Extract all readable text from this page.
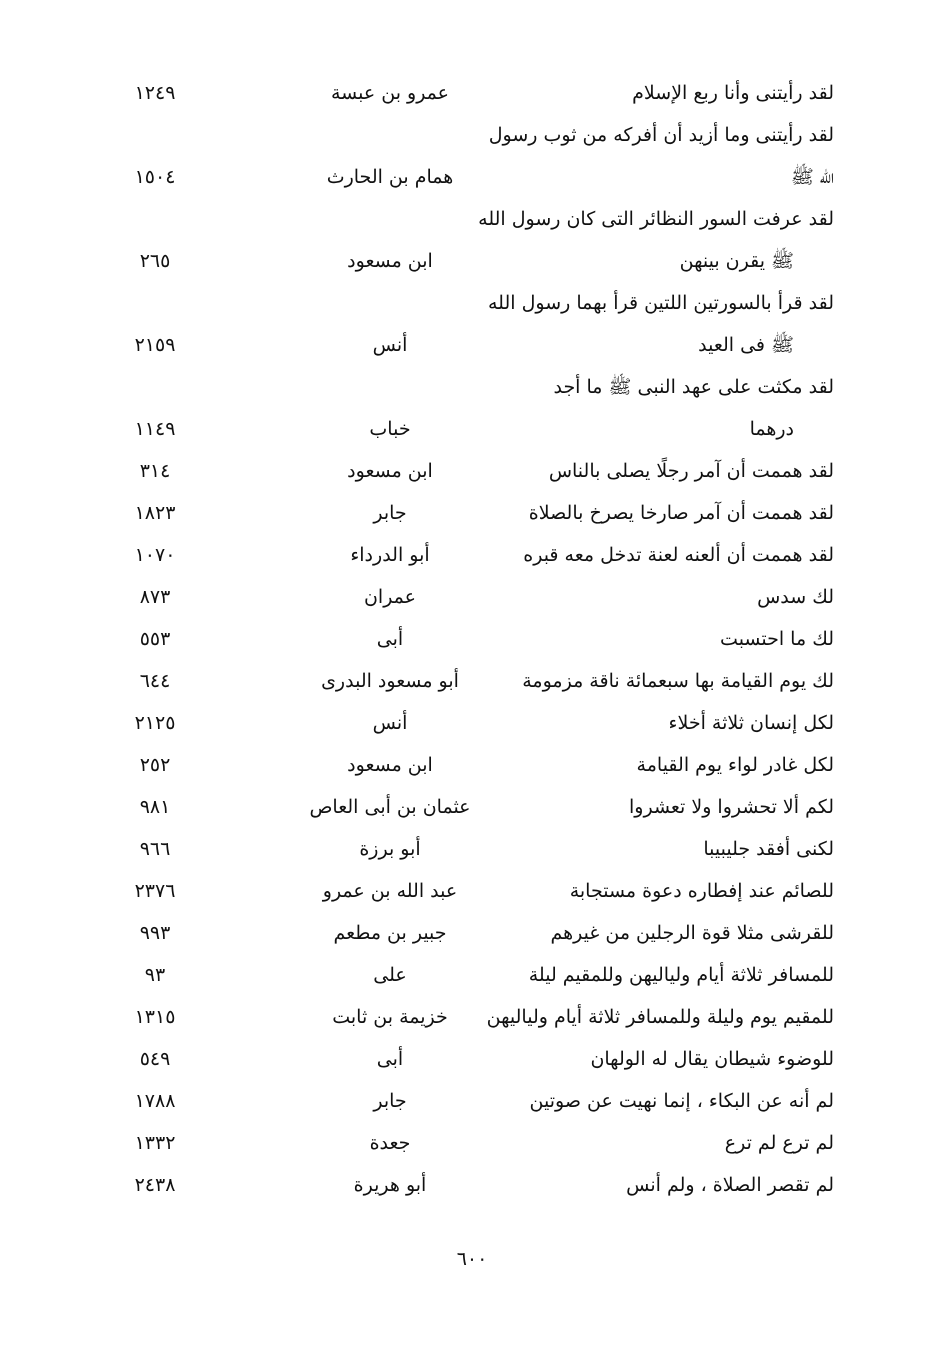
لقد رأيتنى وأنا ربع الإسلام
عمرو بن عبسة
١٢٤٩
لقد رأيتنى وما أزيد أن أفركه من ثوب رسول
الله ﷺ
همام بن الحارث
١٥٠٤
لقد عرفت السور النظائر التى كان رسول الله
ﷺ يقرن بينهن
ابن مسعود
٢٦٥
لقد قرأ بالسورتين اللتين قرأ بهما رسول الله
ﷺ فى العيد
أنس
٢١٥٩
لقد مكثت على عهد النبى ﷺ ما أجد
درهما
خباب
١١٤٩
لقد هممت أن آمر رجلًا يصلى بالناس
ابن مسعود
٣١٤
لقد هممت أن آمر صارخا يصرخ بالصلاة
جابر
١٨٢٣
لقد هممت أن ألعنه لعنة تدخل معه قبره
أبو الدرداء
١٠٧٠
لك سدس
عمران
٨٧٣
لك ما احتسبت
أبى
٥٥٣
لك يوم القيامة بها سبعمائة ناقة مزمومة
أبو مسعود البدرى
٦٤٤
لكل إنسان ثلاثة أخلاء
أنس
٢١٢٥
لكل غادر لواء يوم القيامة
ابن مسعود
٢٥٢
لكم ألا تحشروا ولا تعشروا
عثمان بن أبى العاص
٩٨١
لكنى أفقد جليبيبا
أبو برزة
٩٦٦
للصائم عند إفطاره دعوة مستجابة
عبد الله بن عمرو
٢٣٧٦
للقرشى مثلا قوة الرجلين من غيرهم
جبير بن مطعم
٩٩٣
للمسافر ثلاثة أيام ولياليهن وللمقيم ليلة
على
٩٣
للمقيم يوم وليلة وللمسافر ثلاثة أيام ولياليهن
خزيمة بن ثابت
١٣١٥
للوضوء شيطان يقال له الولهان
أبى
٥٤٩
لم أنه عن البكاء ، إنما نهيت عن صوتين
جابر
١٧٨٨
لم ترع لم ترع
جعدة
١٣٣٢
لم تقصر الصلاة ، ولم أنس
أبو هريرة
٢٤٣٨
٦٠٠
